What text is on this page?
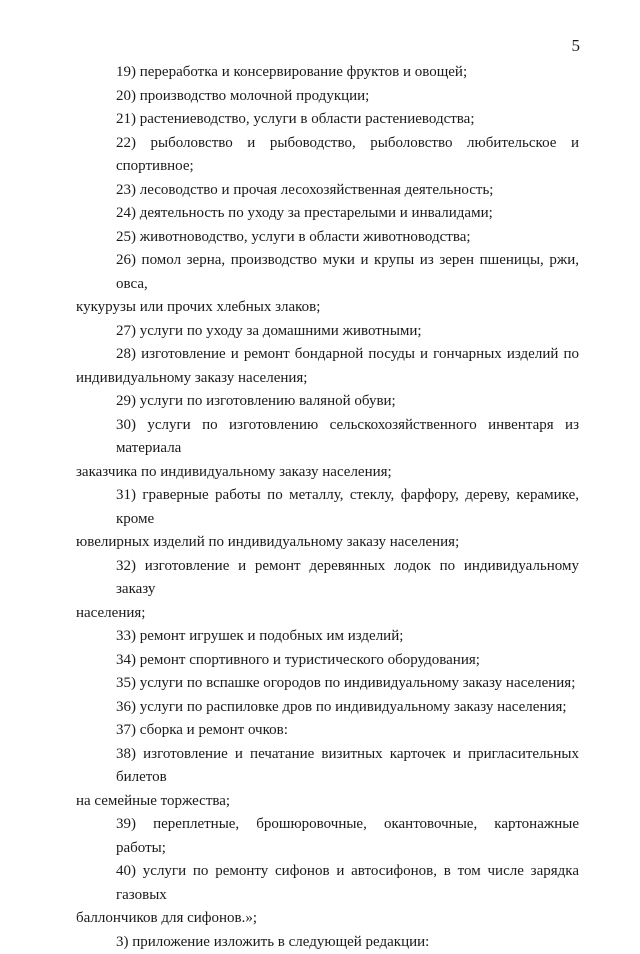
5
19) переработка и консервирование фруктов и овощей;
20) производство молочной продукции;
21) растениеводство, услуги в области растениеводства;
22) рыболовство и рыбоводство, рыболовство любительское и спортивное;
23) лесоводство и прочая лесохозяйственная деятельность;
24) деятельность по уходу за престарелыми и инвалидами;
25) животноводство, услуги в области животноводства;
26) помол зерна, производство муки и крупы из зерен пшеницы, ржи, овса,
кукурузы или прочих хлебных злаков;
27) услуги по уходу за домашними животными;
28) изготовление и ремонт бондарной посуды и гончарных изделий по
индивидуальному заказу населения;
29) услуги по изготовлению валяной обуви;
30) услуги по изготовлению сельскохозяйственного инвентаря из материала
заказчика по индивидуальному заказу населения;
31) граверные работы по металлу, стеклу, фарфору, дереву, керамике, кроме
ювелирных изделий по индивидуальному заказу населения;
32) изготовление и ремонт деревянных лодок по индивидуальному заказу
населения;
33) ремонт игрушек и подобных им изделий;
34) ремонт спортивного и туристического оборудования;
35) услуги по вспашке огородов по индивидуальному заказу населения;
36) услуги по распиловке дров по индивидуальному заказу населения;
37) сборка и ремонт очков:
38) изготовление и печатание визитных карточек и пригласительных билетов
на семейные торжества;
39) переплетные, брошюровочные, окантовочные, картонажные работы;
40) услуги по ремонту сифонов и автосифонов, в том числе зарядка газовых
баллончиков для сифонов.»;
3) приложение изложить в следующей редакции:
